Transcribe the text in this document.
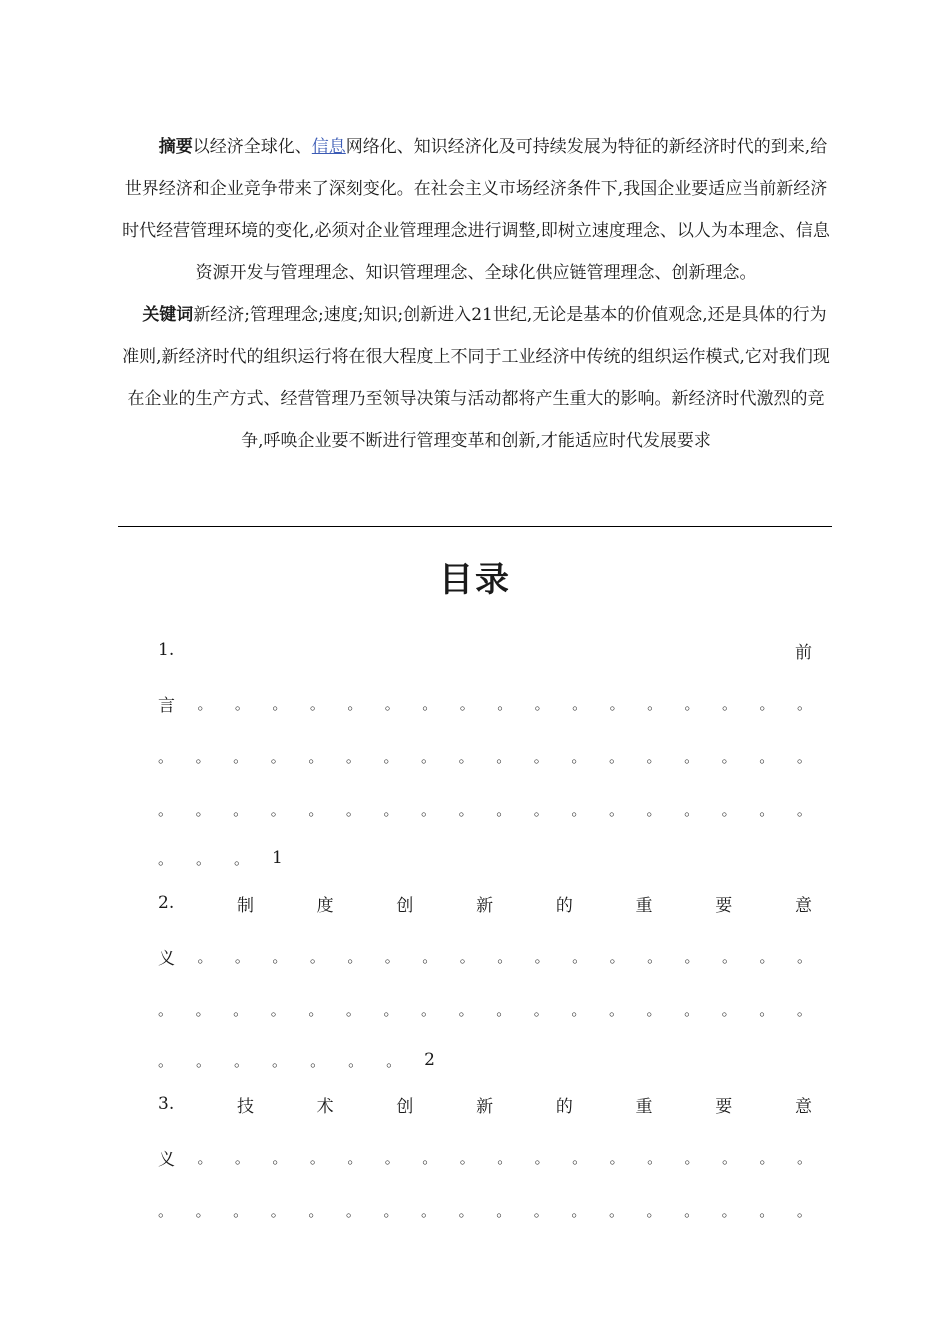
  摘要以经济全球化、信息网络化、知识经济化及可持续发展为特征的新经济时代的到来,给世界经济和企业竞争带来了深刻变化。在社会主义市场经济条件下,我国企业要适应当前新经济时代经营管理环境的变化,必须对企业管理理念进行调整,即树立速度理念、以人为本理念、信息资源开发与管理理念、知识管理理念、全球化供应链管理理念、创新理念。

 关键词新经济;管理理念;速度;知识;创新进入21世纪,无论是基本的价值观念,还是具体的行为准则,新经济时代的组织运行将在很大程度上不同于工业经济中传统的组织运作模式,它对我们现在企业的生产方式、经营管理乃至领导决策与活动都将产生重大的影响。新经济时代激烈的竞争,呼唤企业要不断进行管理变革和创新,才能适应时代发展要求

目录
1.	前
言 。 。 。 。 。 。 。 。 。 。 。 。 。 。 。 。 。
。 。 。 。 。 。 。 。 。 。 。 。 。 。 。 。 。 。
。 。 。 。 。 。 。 。 。 。 。 。 。 。 。 。 。 。
。 。 。 1
2.	制	度	创	新	的	重	要	意
义 。 。 。 。 。 。 。 。 。 。 。 。 。 。 。 。 。
。 。 。 。 。 。 。 。 。 。 。 。 。 。 。 。 。 。
。 。 。 。 。 。 。 2
3.	技	术	创	新	的	重	要	意
义 。 。 。 。 。 。 。 。 。 。 。 。 。 。 。 。 。
。 。 。 。 。 。 。 。 。 。 。 。 。 。 。 。 。 。
